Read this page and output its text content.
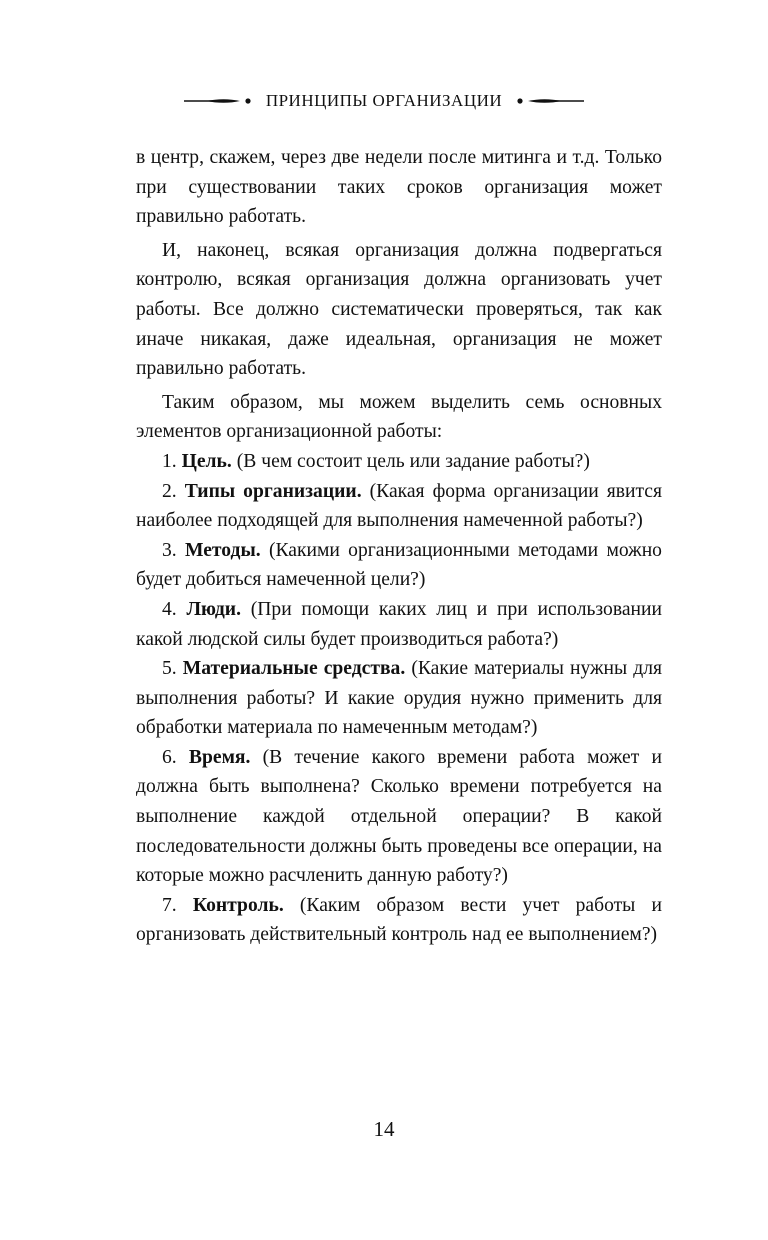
ПРИНЦИПЫ ОРГАНИЗАЦИИ

в центр, скажем, через две недели после митинга и т.д. Только при существовании таких сроков организация может правильно работать.

И, наконец, всякая организация должна подвергаться контролю, всякая организация должна организовать учет работы. Все должно систематически проверяться, так как иначе никакая, даже идеальная, организация не может правильно работать.

Таким образом, мы можем выделить семь основных элементов организационной работы:

1. Цель. (В чем состоит цель или задание работы?)

2. Типы организации. (Какая форма организации явится наиболее подходящей для выполнения намеченной работы?)

3. Методы. (Какими организационными методами можно будет добиться намеченной цели?)

4. Люди. (При помощи каких лиц и при использовании какой людской силы будет производиться работа?)

5. Материальные средства. (Какие материалы нужны для выполнения работы? И какие орудия нужно применить для обработки материала по намеченным методам?)

6. Время. (В течение какого времени работа может и должна быть выполнена? Сколько времени потребуется на выполнение каждой отдельной операции? В какой последовательности должны быть проведены все операции, на которые можно расчленить данную работу?)

7. Контроль. (Каким образом вести учет работы и организовать действительный контроль над ее выполнением?)

14
